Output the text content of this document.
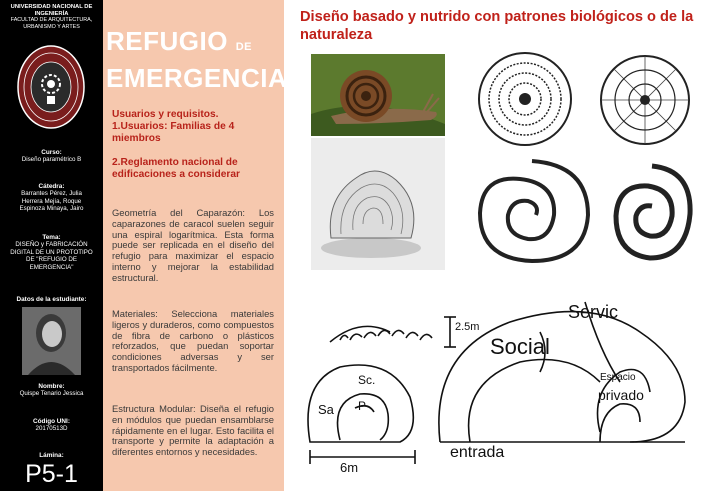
UNIVERSIDAD NACIONAL DE
INGENIERÍA
FACULTAD DE ARQUITECTURA,
URBANISMO Y ARTES
Curso:
Diseño paramétrico B
Cátedra:
Barrantes Pérez, Julia
Herrera Mejía, Roque
Espinoza Minaya, Jairo
Tema:
DISEÑO y FABRICACIÓN
DIGITAL DE UN PROTOTIPO
DE "REFUGIO DE
EMERGENCIA"
Datos de la estudiante:
Nombre:
Quispe Tenario Jessica
Código UNI:
20170513D
Lámina:
P5-1
REFUGIO DE
EMERGENCIA
Usuarios y requisitos.
1.Usuarios: Familias de 4
miembros
2.Reglamento nacional de
edificaciones a considerar
Geometría del Caparazón: Los caparazones de caracol suelen seguir una espiral logarítmica. Esta forma puede ser replicada en el diseño del refugio para maximizar el espacio interno y mejorar la estabilidad estructural.
Materiales: Selecciona materiales ligeros y duraderos, como compuestos de fibra de carbono o plásticos reforzados, que puedan soportar condiciones adversas y ser transportados fácilmente.
Estructura Modular: Diseña el refugio en módulos que puedan ensamblarse rápidamente en el lugar. Esto facilita el transporte y permite la adaptación a diferentes entornos y necesidades.
Diseño basado y nutrido con patrones biológicos o de la naturaleza
2.5m
Social
Servic
Sc.
P
Sa
Espacio
privado
entrada
6m
